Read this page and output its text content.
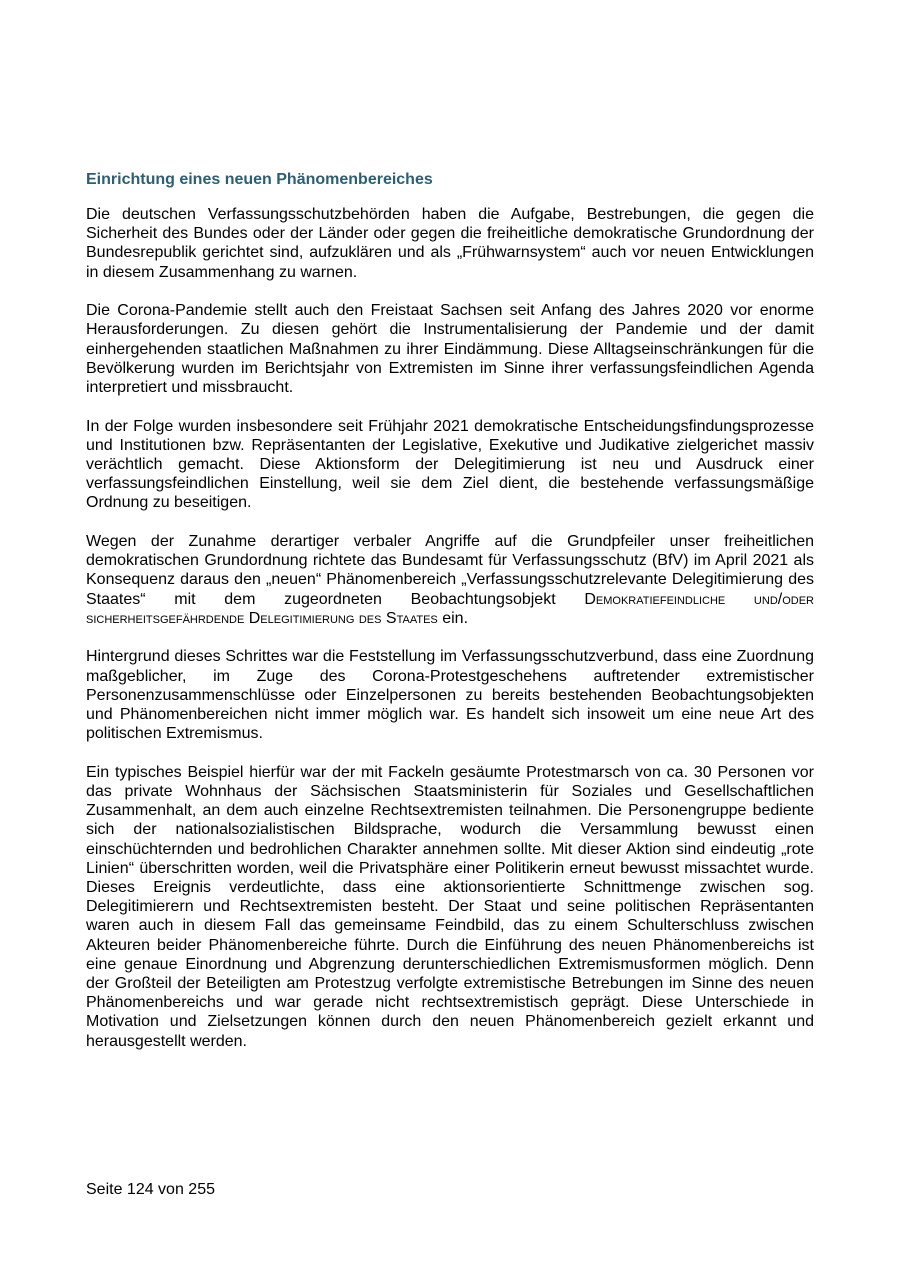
Einrichtung eines neuen Phänomenbereiches

Die deutschen Verfassungsschutzbehörden haben die Aufgabe, Bestrebungen, die gegen die Sicherheit des Bundes oder der Länder oder gegen die freiheitliche demokratische Grundordnung der Bundesrepublik gerichtet sind, aufzuklären und als „Frühwarnsystem“ auch vor neuen Entwicklungen in diesem Zusammenhang zu warnen.

Die Corona-Pandemie stellt auch den Freistaat Sachsen seit Anfang des Jahres 2020 vor enorme Herausforderungen. Zu diesen gehört die Instrumentalisierung der Pandemie und der damit einhergehenden staatlichen Maßnahmen zu ihrer Eindämmung. Diese Alltagseinschränkungen für die Bevölkerung wurden im Berichtsjahr von Extremisten im Sinne ihrer verfassungsfeindlichen Agenda interpretiert und missbraucht.

In der Folge wurden insbesondere seit Frühjahr 2021 demokratische Entscheidungsfindungsprozesse und Institutionen bzw. Repräsentanten der Legislative, Exekutive und Judikative zielgerichet massiv verächtlich gemacht. Diese Aktionsform der Delegitimierung ist neu und Ausdruck einer verfassungsfeindlichen Einstellung, weil sie dem Ziel dient, die bestehende verfassungsmäßige Ordnung zu beseitigen.

Wegen der Zunahme derartiger verbaler Angriffe auf die Grundpfeiler unser freiheitlichen demokratischen Grundordnung richtete das Bundesamt für Verfassungsschutz (BfV) im April 2021 als Konsequenz daraus den „neuen“ Phänomenbereich „Verfassungsschutzrelevante Delegitimierung des Staates“ mit dem zugeordneten Beobachtungsobjekt Demokratiefeindliche und/oder sicherheitsgefährdende Delegitimierung des Staates ein.

Hintergrund dieses Schrittes war die Feststellung im Verfassungsschutzverbund, dass eine Zuordnung maßgeblicher, im Zuge des Corona-Protestgeschehens auftretender extremistischer Personenzusammenschlüsse oder Einzelpersonen zu bereits bestehenden Beobachtungsobjekten und Phänomenbereichen nicht immer möglich war. Es handelt sich insoweit um eine neue Art des politischen Extremismus.

Ein typisches Beispiel hierfür war der mit Fackeln gesäumte Protestmarsch von ca. 30 Personen vor das private Wohnhaus der Sächsischen Staatsministerin für Soziales und Gesellschaftlichen Zusammenhalt, an dem auch einzelne Rechtsextremisten teilnahmen. Die Personengruppe bediente sich der nationalsozialistischen Bildsprache, wodurch die Versammlung bewusst einen einschüchternden und bedrohlichen Charakter annehmen sollte. Mit dieser Aktion sind eindeutig „rote Linien“ überschritten worden, weil die Privatsphäre einer Politikerin erneut bewusst missachtet wurde. Dieses Ereignis verdeutlichte, dass eine aktionsorientierte Schnittmenge zwischen sog. Delegitimierern und Rechtsextremisten besteht. Der Staat und seine politischen Repräsentanten waren auch in diesem Fall das gemeinsame Feindbild, das zu einem Schulterschluss zwischen Akteuren beider Phänomenbereiche führte. Durch die Einführung des neuen Phänomenbereichs ist eine genaue Einordnung und Abgrenzung derunterschiedlichen Extremismusformen möglich. Denn der Großteil der Beteiligten am Protestzug verfolgte extremistische Betrebungen im Sinne des neuen Phänomenbereichs und war gerade nicht rechtsextremistisch geprägt. Diese Unterschiede in Motivation und Zielsetzungen können durch den neuen Phänomenbereich gezielt erkannt und herausgestellt werden.

Seite 124 von 255
